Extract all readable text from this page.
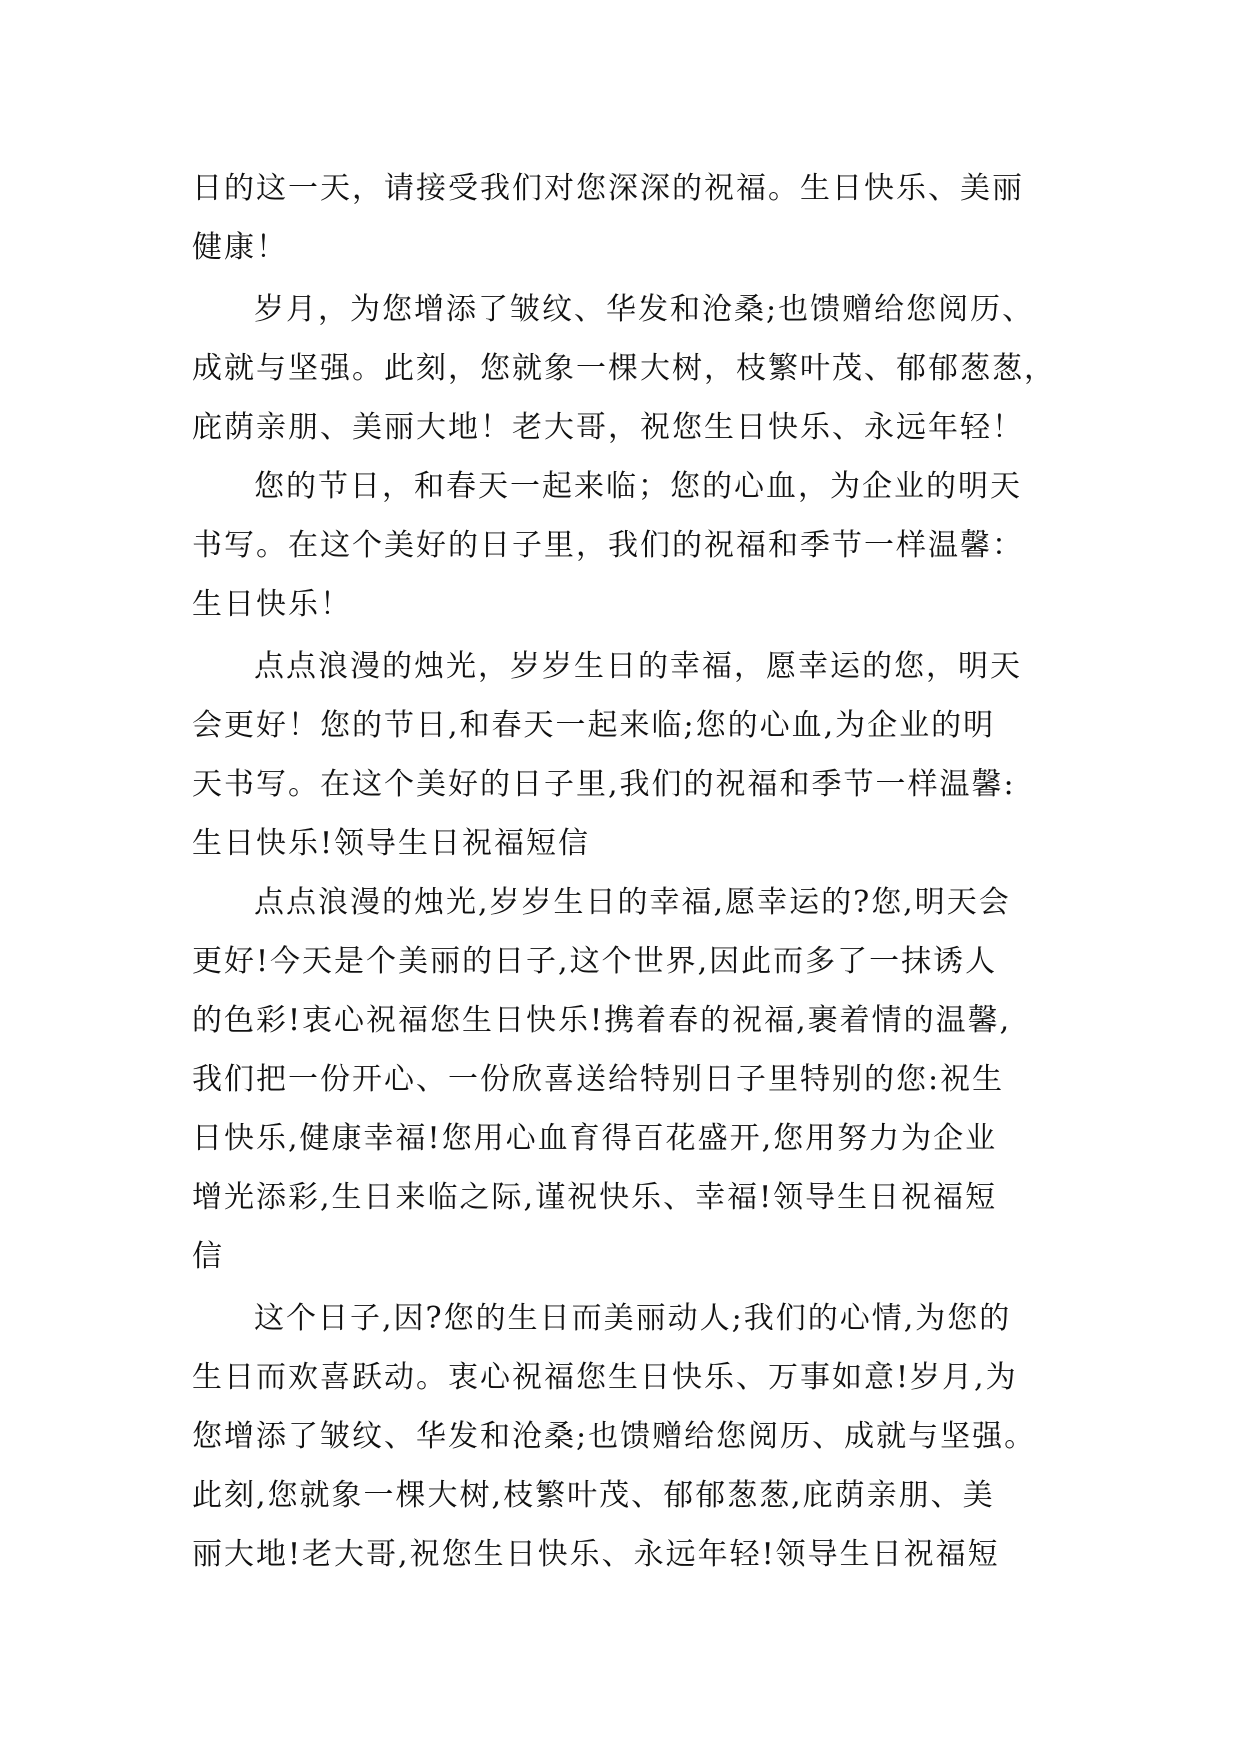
日的这一天，请接受我们对您深深的祝福。生日快乐、美丽
健康！
岁月，为您增添了皱纹、华发和沧桑;也馈赠给您阅历、
成就与坚强。此刻，您就象一棵大树，枝繁叶茂、郁郁葱葱，
庇荫亲朋、美丽大地！老大哥，祝您生日快乐、永远年轻！
您的节日，和春天一起来临；您的心血，为企业的明天
书写。在这个美好的日子里，我们的祝福和季节一样温馨：
生日快乐！
点点浪漫的烛光，岁岁生日的幸福，愿幸运的您，明天
会更好！您的节日,和春天一起来临;您的心血,为企业的明
天书写。在这个美好的日子里,我们的祝福和季节一样温馨:
生日快乐!领导生日祝福短信
点点浪漫的烛光,岁岁生日的幸福,愿幸运的?您,明天会
更好!今天是个美丽的日子,这个世界,因此而多了一抹诱人
的色彩!衷心祝福您生日快乐!携着春的祝福,裹着情的温馨,
我们把一份开心、一份欣喜送给特别日子里特别的您:祝生
日快乐,健康幸福!您用心血育得百花盛开,您用努力为企业
增光添彩,生日来临之际,谨祝快乐、幸福!领导生日祝福短
信
这个日子,因?您的生日而美丽动人;我们的心情,为您的
生日而欢喜跃动。衷心祝福您生日快乐、万事如意!岁月,为
您增添了皱纹、华发和沧桑;也馈赠给您阅历、成就与坚强。
此刻,您就象一棵大树,枝繁叶茂、郁郁葱葱,庇荫亲朋、美
丽大地!老大哥,祝您生日快乐、永远年轻!领导生日祝福短
